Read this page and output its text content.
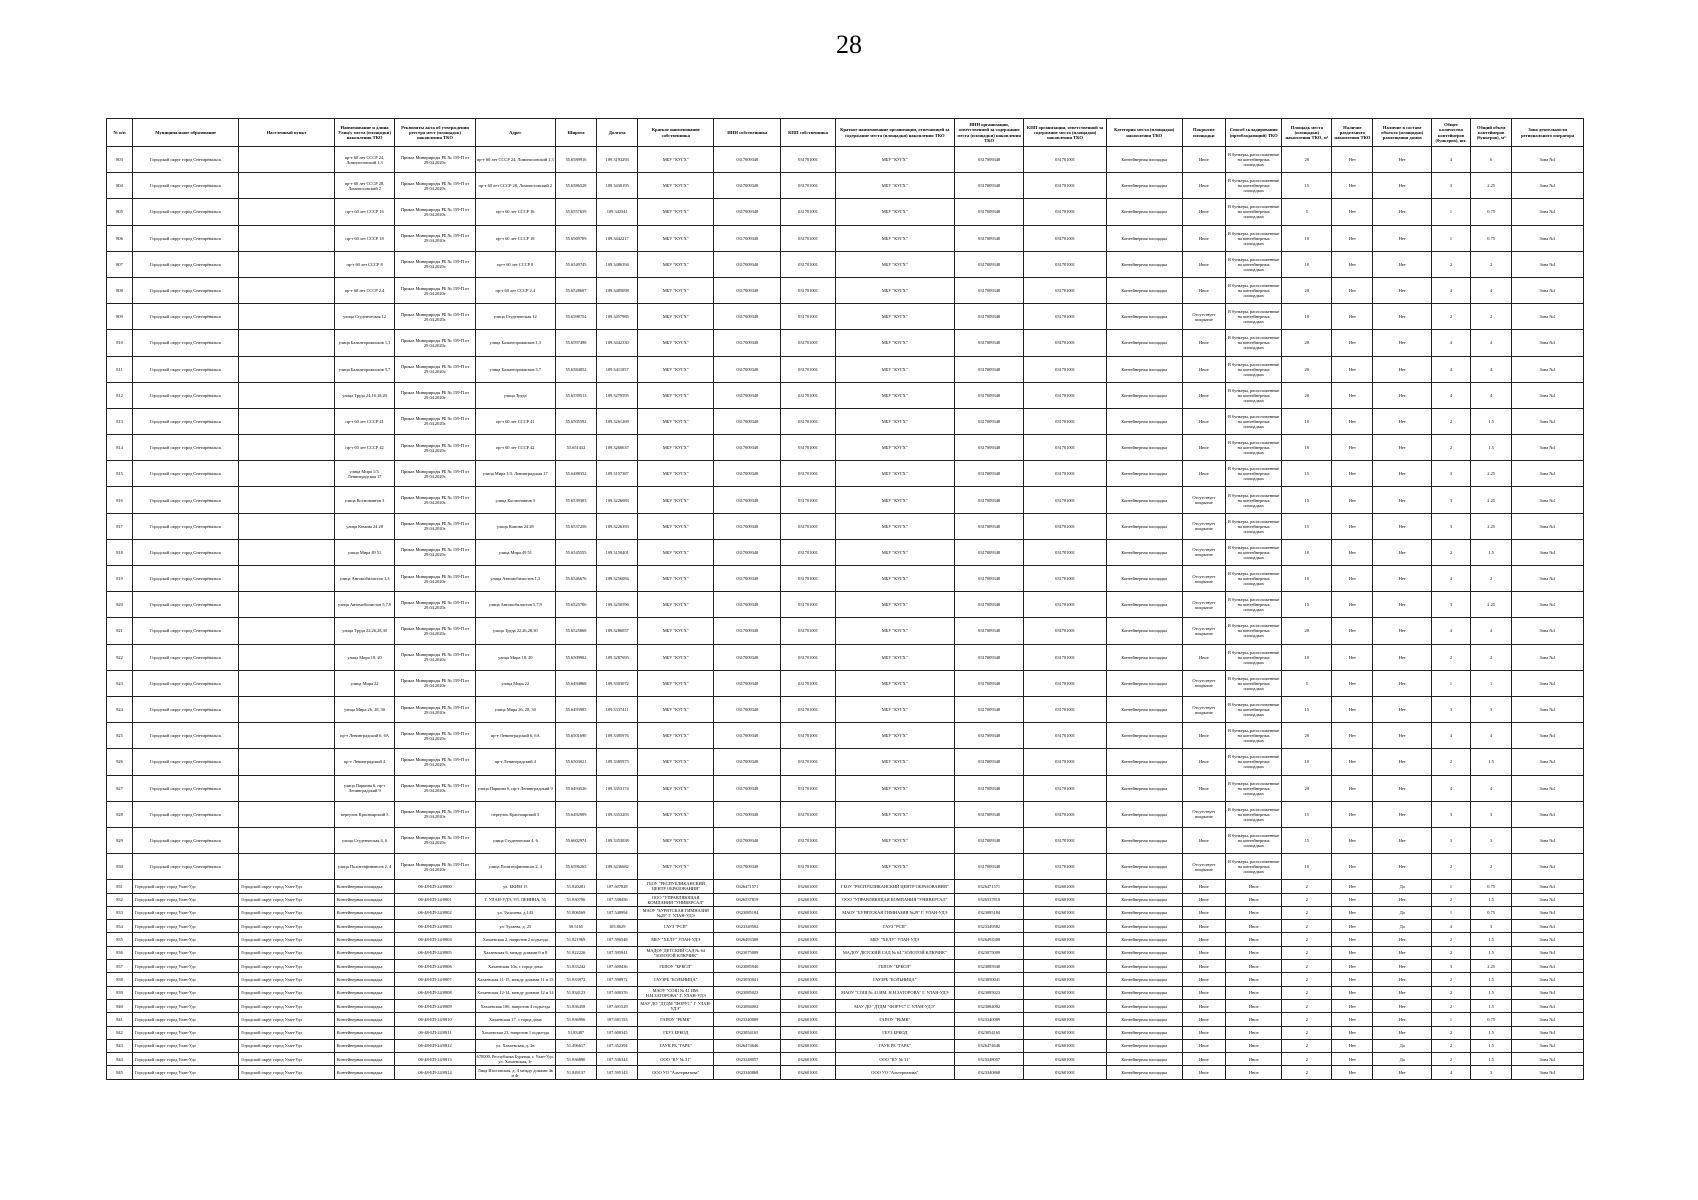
28
№ п/п	Муниципальное образование	Населенный пункт	Наименование и длина Улиц/у места (площадки) накопления ТКО	Реквизиты акта об утверждении реестра мест (площадок) накопления ТКО	Адрес	Широта	Долгота	Краткое наименование собственника	ИНН собственника	КПП собственника	Краткое наименование организации, отвечающей за содержание места (площадки) накопления ТКО	ИНН организации, ответственной за содержание места (площадки) накопления ТКО	КПП организации, ответственной за содержание места (площадки) накопления ТКО	Категория места (площадки) накопления ТКО	Покрытие площадки	Способ складирования (преобладающий) ТКО	Площадь места (площадки) накопления ТКО, м²	Наличие раздельного накопления ТКО	Наличие в составе объекта (площадки) размещения домов	Общее количество контейнеров (бункеров), шт.	Общий объем контейнеров (бункеров), м³	Зона деятельности регионального оператора
803	Городской округ город Снегирёвальск		пр-т 60 лет СССР 24, Ломоносовский 1,3	Приказ Минприроды РБ № 159-П от 29.04.2020г.	пр-т 60 лет СССР 24, Ломоносовский 1,3	55.6589916	109.3193293	МБУ "КУГХ"	0317009348	031701001	МБУ "КУГХ"	0317009348	031701001	Контейнерная площадка	Иное	В бункеры, расположенные на контейнерных площадках	20	Нет	Нет	4	6	Зона №1
804	Городской округ город Снегирёвальск		пр-т 60 лет СССР 28, Ломоносовский 2	Приказ Минприроды РБ № 159-П от 29.04.2020г.	пр-т 60 лет СССР 28, Ломоносовский 2	55.6586528	109.3430195	МБУ "КУГХ"	0317009348	031701001	МБУ "КУГХ"	0317009348	031701001	Контейнерная площадка	Иное	В бункеры, расположенные на контейнерных площадках	15	Нет	Нет	3	2.25	Зона №1
805	Городской округ город Снегирёвальск		пр-т 60 лет СССР 16	Приказ Минприроды РБ № 159-П от 29.04.2020г.	пр-т 60 лет СССР 16	55.6557659	109.342341	МБУ "КУГХ"	0317009348	031701001	МБУ "КУГХ"	0317009348	031701001	Контейнерная площадка	Иное	В бункеры, расположенные на контейнерных площадках	5	Нет	Нет	1	0.75	Зона №1
806	Городской округ город Снегирёвальск		пр-т 60 лет СССР 18	Приказ Минприроды РБ № 159-П от 29.04.2020г.	пр-т 60 лет СССР 18	55.6569709	109.3442217	МБУ "КУГХ"	0317009348	031701001	МБУ "КУГХ"	0317009348	031701001	Контейнерная площадка	Иное	В бункеры, расположенные на контейнерных площадках	10	Нет	Нет	1	0.75	Зона №1
807	Городской округ город Снегирёвальск		пр-т 60 лет СССР 8	Приказ Минприроды РБ № 159-П от 29.04.2020г.	пр-т 60 лет СССР 8	55.6549745	109.3486394	МБУ "КУГХ"	0317009348	031701001	МБУ "КУГХ"	0317009348	031701001	Контейнерная площадка	Иное	В бункеры, расположенные на контейнерных площадках	10	Нет	Нет	2	2	Зона №1
808	Городской округ город Снегирёвальск		пр-т 60 лет СССР 2,4	Приказ Минприроды РБ № 159-П от 29.04.2020г.	пр-т 60 лет СССР 2,4	55.6528607	109.3485098	МБУ "КУГХ"	0317009348	031701001	МБУ "КУГХ"	0317009348	031701001	Контейнерная площадка	Иное	В бункеры, расположенные на контейнерных площадках	20	Нет	Нет	4	4	Зона №1
809	Городской округ город Снегирёвальск		улица Студенческая 12	Приказ Минприроды РБ № 159-П от 29.04.2020г.	улица Студенческая 12	55.6598754	109.3457985	МБУ "КУГХ"	0317009348	031701001	МБУ "КУГХ"	0317009348	031701001	Контейнерная площадка	Отсутствует покрытие	В бункеры, расположенные на контейнерных площадках	10	Нет	Нет	2	2	Зона №1
810	Городской округ город Снегирёвальск		улица Бальнеорожисков 1,3	Приказ Минприроды РБ № 159-П от 29.04.2020г.	улица Бальнеорожисков 1,3	55.6597498	109.3442330	МБУ "КУГХ"	0317009348	031701001	МБУ "КУГХ"	0317009348	031701001	Контейнерная площадка	Иное	В бункеры, расположенные на контейнерных площадках	20	Нет	Нет	4	4	Зона №1
811	Городской округ город Снегирёвальск		улица Бальнеорожисков 5,7	Приказ Минприроды РБ № 159-П от 29.04.2020г.	улица Бальнеорожисков 5,7	55.6584052	109.3411057	МБУ "КУГХ"	0317009348	031701001	МБУ "КУГХ"	0317009348	031701001	Контейнерная площадка	Иное	В бункеры, расположенные на контейнерных площадках	20	Нет	Нет	4	4	Зона №1
812	Городской округ город Снегирёвальск		улица Труда 24,16,18,20	Приказ Минприроды РБ № 159-П от 29.04.2020г.	улица Труда	55.6539513	109.3279595	МБУ "КУГХ"	0317009348	031701001	МБУ "КУГХ"	0317009348	031701001	Контейнерная площадка	Иное	В бункеры, расположенные на контейнерных площадках	20	Нет	Нет	4	4	Зона №1
813	Городской округ город Снегирёвальск		пр-т 60 лет СССР 41	Приказ Минприроды РБ № 159-П от 29.04.2020г.	пр-т 60 лет СССР 41	55.6505592	109.3261269	МБУ "КУГХ"	0317009348	031701001	МБУ "КУГХ"	0317009348	031701001	Контейнерная площадка	Иное	В бункеры, расположенные на контейнерных площадках	10	Нет	Нет	2	1.5	Зона №1
814	Городской округ город Снегирёвальск		пр-т 60 лет СССР 42	Приказ Минприроды РБ № 159-П от 29.04.2020г.	пр-т 60 лет СССР 42	55.651432	109.3260637	МБУ "КУГХ"	0317009348	031701001	МБУ "КУГХ"	0317009348	031701001	Контейнерная площадка	Иное	В бункеры, расположенные на контейнерных площадках	10	Нет	Нет	2	1.5	Зона №1
815	Городской округ город Снегирёвальск		улица Мира 1/3, Ленинградская 17	Приказ Минприроды РБ № 159-П от 29.04.2020г.	улица Мира 1/3, Ленинградская 17	55.6488352	109.3157387	МБУ "КУГХ"	0317009348	031701001	МБУ "КУГХ"	0317009348	031701001	Контейнерная площадка	Иное	В бункеры, расположенные на контейнерных площадках	15	Нет	Нет	3	2.25	Зона №1
816	Городской округ город Снегирёвальск		улица Космонавтов 3	Приказ Минприроды РБ № 159-П от 29.04.2020г.	улица Космонавтов 3	55.6539303	109.3226083	МБУ "КУГХ"	0317009348	031701001	МБУ "КУГХ"	0317009348	031701001	Контейнерная площадка	Отсутствует покрытие	В бункеры, расположенные на контейнерных площадках	15	Нет	Нет	3	2.25	Зона №1
817	Городской округ город Снегирёвальск		улица Комова 24 28	Приказ Минприроды РБ № 159-П от 29.04.2020г.	улица Комова 24 28	55.6537256	109.3226393	МБУ "КУГХ"	0317009348	031701001	МБУ "КУГХ"	0317009348	031701001	Контейнерная площадка	Отсутствует покрытие	В бункеры, расположенные на контейнерных площадках	15	Нет	Нет	3	2.25	Зона №1
818	Городской округ город Снегирёвальск		улица Мира 49 51	Приказ Минприроды РБ № 159-П от 29.04.2020г.	улица Мира 49 51	55.6545555	109.3150401	МБУ "КУГХ"	0317009348	031701001	МБУ "КУГХ"	0317009348	031701001	Контейнерная площадка	Отсутствует покрытие	В бункеры, расположенные на контейнерных площадках	10	Нет	Нет	2	1.5	Зона №1
819	Городской округ город Снегирёвальск		улица Автомобилистов 1,3	Приказ Минприроды РБ № 159-П от 29.04.2020г.	улица Автомобилистов 1,3	55.6546676	109.3256084	МБУ "КУГХ"	0317009348	031701001	МБУ "КУГХ"	0317009348	031701001	Контейнерная площадка	Отсутствует покрытие	В бункеры, расположенные на контейнерных площадках	10	Нет	Нет	4	2	Зона №1
820	Городской округ город Снегирёвальск		улица Автомобилистов 5,7,9	Приказ Минприроды РБ № 159-П от 29.04.2020г.	улица Автомобилистов 5,7,9	55.6525706	109.3250596	МБУ "КУГХ"	0317009348	031701001	МБУ "КУГХ"	0317009348	031701001	Контейнерная площадка	Отсутствует покрытие	В бункеры, расположенные на контейнерных площадках	15	Нет	Нет	3	2.25	Зона №1
821	Городской округ город Снегирёвальск		улица Труда 22,26,28,30	Приказ Минприроды РБ № 159-П от 29.04.2020г.	улица Труда 22,26,28,30	55.6525868	109.3286057	МБУ "КУГХ"	0317009348	031701001	МБУ "КУГХ"	0317009348	031701001	Контейнерная площадка	Отсутствует покрытие	В бункеры, расположенные на контейнерных площадках	20	Нет	Нет	4	4	Зона №1
822	Городской округ город Снегирёвальск		улица Мира 18, 20	Приказ Минприроды РБ № 159-П от 29.04.2020г.	улица Мира 18, 20	55.6509902	109.3287695	МБУ "КУГХ"	0317009348	031701001	МБУ "КУГХ"	0317009348	031701001	Контейнерная площадка	Иное	В бункеры, расположенные на контейнерных площадках	10	Нет	Нет	2	2	Зона №1
823	Городской округ город Снегирёвальск		улица Мира 22	Приказ Минприроды РБ № 159-П от 29.04.2020г.	улица Мира 22	55.6494868	109.3303072	МБУ "КУГХ"	0317009348	031701001	МБУ "КУГХ"	0317009348	031701001	Контейнерная площадка	Отсутствует покрытие	В бункеры, расположенные на контейнерных площадках	5	Нет	Нет	1	1	Зона №1
824	Городской округ город Снегирёвальск		улица Мира 26, 28, 30	Приказ Минприроды РБ № 159-П от 29.04.2020г.	улица Мира 26, 28, 30	55.6493985	109.3337411	МБУ "КУГХ"	0317009348	031701001	МБУ "КУГХ"	0317009348	031701001	Контейнерная площадка	Отсутствует покрытие	В бункеры, расположенные на контейнерных площадках	15	Нет	Нет	3	3	Зона №1
825	Городской округ город Снегирёвальск		пр-т Ленинградский 6, 6А	Приказ Минприроды РБ № 159-П от 29.04.2020г.	пр-т Ленинградский 6, 6А	55.6501690	109.3385976	МБУ "КУГХ"	0317009348	031701001	МБУ "КУГХ"	0317009348	031701001	Контейнерная площадка	Иное	В бункеры, расположенные на контейнерных площадках	20	Нет	Нет	4	4	Зона №1
826	Городской округ город Снегирёвальск		пр-т Ленинградский 4	Приказ Минприроды РБ № 159-П от 29.04.2020г.	пр-т Ленинградский 4	55.6503021	109.3385975	МБУ "КУГХ"	0317009348	031701001	МБУ "КУГХ"	0317009348	031701001	Контейнерная площадка	Иное	В бункеры, расположенные на контейнерных площадках	10	Нет	Нет	2	1.5	Зона №1
827	Городской округ город Снегирёвальск		улица Паркина 6, пр-т Ленинградский 9	Приказ Минприроды РБ № 159-П от 29.04.2020г.	улица Паркина 6, пр-т Ленинградский 9	55.6494526	109.3353174	МБУ "КУГХ"	0317009348	031701001	МБУ "КУГХ"	0317009348	031701001	Контейнерная площадка	Иное	В бункеры, расположенные на контейнерных площадках	20	Нет	Нет	4	4	Зона №1
828	Городской округ город Снегирёвальск		переулок Красноярский 3	Приказ Минприроды РБ № 159-П от 29.04.2020г.	переулок Красноярский 3	55.6492909	109.3353203	МБУ "КУГХ"	0317009348	031701001	МБУ "КУГХ"	0317009348	031701001	Контейнерная площадка	Отсутствует покрытие	В бункеры, расположенные на контейнерных площадках	15	Нет	Нет	3	3	Зона №1
829	Городской округ город Снегирёвальск		улица Студенческая 4, 6	Приказ Минприроды РБ № 159-П от 29.04.2020г.	улица Студенческая 4, 6	55.6602974	109.3353038	МБУ "КУГХ"	0317009348	031701001	МБУ "КУГХ"	0317009348	031701001	Контейнерная площадка	Иное	В бункеры, расположенные на контейнерных площадках	15	Нет	Нет	3	3	Зона №1
830	Городской округ город Снегирёвальск		улица Политехфинансов 2, 4	Приказ Минприроды РБ № 159-П от 29.04.2020г.	улица Политехфинансов 2, 4	55.6596265	109.3436682	МБУ "КУГХ"	0317009348	031701001	МБУ "КУГХ"	0317009348	031701001	Контейнерная площадка	Отсутствует покрытие	В бункеры, расположенные на контейнерных площадках	10	Нет	Нет	2	2	Зона №1
831	Городской округ город Улан-Удэ	Городской округ город Улан-Удэ	Контейнерная площадка	06-48-БП-24/0800	ул. БКИМ 15	51.820281	107.607828	ГБОУ "РЕСПУБЛИКАНСКИЙ ЦЕНТР ОБРАЗОВАНИЯ"	0326471571	032601001	ГБОУ "РЕСПУБЛИКАНСКИЙ ЦЕНТР ОБРАЗОВАНИЯ"	0326471571	032601001	Контейнерная площадка	Иное	Иное	2	Нет	Да	1	0.75	Зона №1
832	Городской округ город Улан-Удэ	Городской округ город Улан-Удэ	Контейнерная площадка	06-48-БП-24/0801	Г. УЛАН-УДЭ, УЛ. ЛЕНИНА, 55	51.830796	107.538456	ООО "УПРАВЛЯЮЩАЯ КОМПАНИЯ "УНИВЕРСАЛ"	0326537819	032601001	ООО "УПРАВЛЯЮЩАЯ КОМПАНИЯ "УНИВЕРСАЛ"	0326537819	032601001	Контейнерная площадка	Иное	Иное	2	Нет	Нет	2	1.5	Зона №1
833	Городской округ город Улан-Удэ	Городской округ город Улан-Удэ	Контейнерная площадка	06-48-БП-24/0802	ул. Туполева, д.143	51.806569	107.548994	МАОУ "БУРЯТСКАЯ ГИМНАЗИЯ №29" Г. УЛАН-УДЭ	0323085184	032601001	МАОУ "БУРЯТСКАЯ ГИМНАЗИЯ №29" Г. УЛАН-УДЭ	0323085184	032601001	Контейнерная площадка	Иное	Иное	2	Нет	Да	1	0.75	Зона №1
834	Городской округ город Улан-Удэ	Городской округ город Улан-Удэ	Контейнерная площадка	06-48-БП-24/0803	ул. Тулаева, д. 25	50.5165	105.8629	ГАУЗ "РСП"	0323349582	032601001	ГАУЗ "РСП"	0323349582	032601001	Контейнерная площадка	Иное	Иное	2	Нет	Да	4	3	Зона №1
835	Городской округ город Улан-Удэ	Городской округ город Улан-Удэ	Контейнерная площадка	06-48-БП-24/0804	Хахаевская 2, напротив 2 подъезда	51.821969	107.596548	МБУ "ХЕЛУ" УЛАН-УДЭ	0326493308	032601001	МБУ "ХЕЛУ" УЛАН-УДЭ	0326493308	032601001	Контейнерная площадка	Иное	Иное	2	Нет	Нет	2	1.5	Зона №1
836	Городской округ город Улан-Удэ	Городской округ город Улан-Удэ	Контейнерная площадка	06-48-БП-24/0805	Хахаевская 6, между домами 6 и 8	51.822226	107.595941	МАДОУ ДЕТСКИЙ САД № 64 "ЗОЛОТОЙ КЛЮЧИК"	0323075009	032601001	МАДОУ ДЕТСКИЙ САД № 64 "ЗОЛОТОЙ КЛЮЧИК"	0323075009	032601001	Контейнерная площадка	Иное	Иное	2	Нет	Нет	2	1.5	Зона №1
837	Городской округ город Улан-Удэ	Городской округ город Улан-Удэ	Контейнерная площадка	06-48-БП-24/0806	Хахаевская 10а, с торца дома	51.833242	107.600436	ГБПОУ "БРКСП"	0323085940	032601001	ГБПОУ "БРКСП"	0323085940	032601001	Контейнерная площадка	Иное	Иное	2	Нет	Нет	3	2.25	Зона №1
838	Городской округ город Улан-Удэ	Городской округ город Улан-Удэ	Контейнерная площадка	06-48-БП-24/0807	Хахаевская 11-15, между домами 11 и 15	51.833972	107.598972	ГАУЗРБ "БОЛЬНИЦА"	0323050041	032601001	ГАУЗРБ "БОЛЬНИЦА"	0323050041	032601001	Контейнерная площадка	Иное	Иное	2	Нет	Нет	2	1.5	Зона №1
839	Городской округ город Улан-Удэ	Городской округ город Улан-Удэ	Контейнерная площадка	06-48-БП-24/0808	Хахаевская 12-14, между домами 12 и 14	51.834123	107.600376	МАОУ "СОШ № 41 ИМ. Н.Н.ЗАТОРОВА" Г. УЛАН-УДЭ	0323085023	032601001	МАОУ "СОШ № 41 ИМ. Н.Н.ЗАТОРОВА" Г. УЛАН-УДЭ	0323085023	032601001	Контейнерная площадка	Иное	Иное	2	Нет	Нет	2	1.5	Зона №1
840	Городской округ город Улан-Удэ	Городской округ город Улан-Удэ	Контейнерная площадка	06-48-БП-24/0809	Хахаевская 10б, напротив 4 подъезда	51.836458	107.601529	МАУ ДО "ДТДМ "ФОРУС" Г. УЛАН-УДЭ"	0323084002	032601001	МАУ ДО "ДТДМ "ФОРУС" Г. УЛАН-УДЭ"	0323084002	032601001	Контейнерная площадка	Иное	Иное	2	Нет	Нет	2	1.5	Зона №1
841	Городской округ город Улан-Удэ	Городской округ город Улан-Удэ	Контейнерная площадка	06-48-БП-24/0810	Хахаевская 17, с торца дома	51.836906	107.601153	ГАПОУ "РБМК"	0323340089	032601001	ГАПОУ "РБМК"	0323340089	032601001	Контейнерная площадка	Иное	Иное	2	Нет	Нет	1	0.75	Зона №1
842	Городской округ город Улан-Удэ	Городской округ город Улан-Удэ	Контейнерная площадка	06-48-БП-24/0811	Хахаевская 23, напротив 1 подъезда	51.83487	107.600345	ГБУЗ БРКОД	0323054165	032601001	ГБУЗ БРКОД	0323054165	032601001	Контейнерная площадка	Иное	Иное	2	Нет	Нет	2	1.5	Зона №1
843	Городской округ город Улан-Удэ	Городской округ город Улан-Удэ	Контейнерная площадка	06-48-БП-24/0812	ул. Хахаевская, д. 2в	51.496617	107.352394	ГАУК РБ "ГАРБ"	0326474646	032601001	ГАУК РБ "ГАРБ"	0326474646	032601001	Контейнерная площадка	Иное	Иное	2	Нет	Да	2	1.5	Зона №1
844	Городской округ город Улан-Удэ	Городской округ город Улан-Удэ	Контейнерная площадка	06-48-БП-24/0813	670000, Республика Бурятия, г. Улан-Удэ, ул. Хахаевская, 1г	51.836890	107.536344	ООО "КУ № 31"	0323348057	032601001	ООО "КУ № 31"	0323348057	032601001	Контейнерная площадка	Иное	Иное	2	Нет	Да	2	1.5	Зона №1
845	Городской округ город Улан-Удэ	Городской округ город Улан-Удэ	Контейнерная площадка	06-48-БП-24/0814	Лица Ихосовская, д. 4 между домами 4в и 4г	51.849137	107.595143	ООО УО "Альтернатива"	0323340868	032601001	ООО УО "Альтернатива"	0323340868	032601001	Контейнерная площадка	Иное	Иное	2	Нет	Нет	4	3	Зона №1
